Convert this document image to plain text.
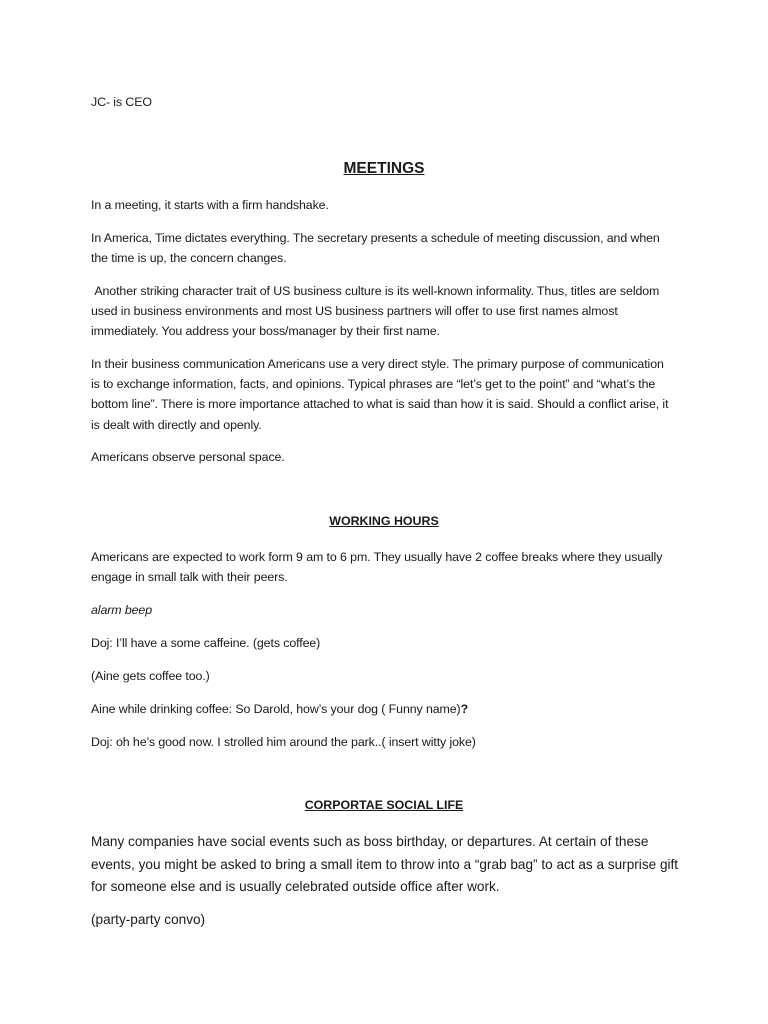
JC- is CEO

MEETINGS

In a meeting, it starts with a firm handshake.

In America, Time dictates everything. The secretary presents a schedule of meeting discussion, and when the time is up, the concern changes.

Another striking character trait of US business culture is its well-known informality. Thus, titles are seldom used in business environments and most US business partners will offer to use first names almost immediately. You address your boss/manager by their first name.

In their business communication Americans use a very direct style. The primary purpose of communication is to exchange information, facts, and opinions. Typical phrases are “let’s get to the point” and “what’s the bottom line”. There is more importance attached to what is said than how it is said. Should a conflict arise, it is dealt with directly and openly.

Americans observe personal space.

WORKING HOURS

Americans are expected to work form 9 am to 6 pm. They usually have 2 coffee breaks where they usually engage in small talk with their peers.

alarm beep

Doj: I’ll have a some caffeine. (gets coffee)

(Aine gets coffee too.)

Aine while drinking coffee: So Darold, how’s your dog ( Funny name)?

Doj: oh he’s good now. I strolled him around the park..( insert witty joke)

CORPORTAE SOCIAL LIFE

Many companies have social events such as boss birthday, or departures. At certain of these events, you might be asked to bring a small item to throw into a “grab bag” to act as a surprise gift for someone else and is usually celebrated outside office after work.

(party-party convo)
